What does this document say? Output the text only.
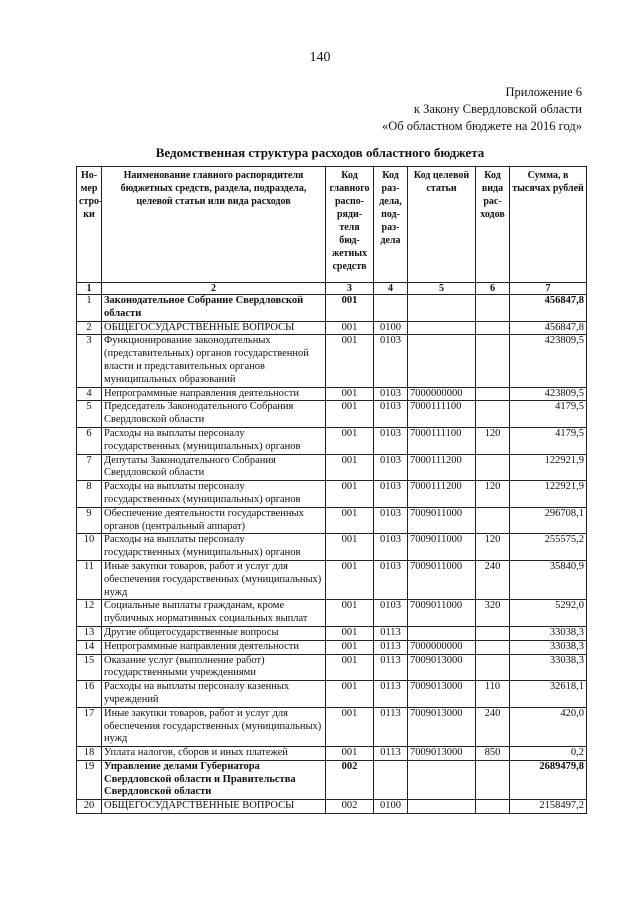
140
Приложение 6
к Закону Свердловской области
«Об областном бюджете на 2016 год»
Ведомственная структура расходов областного бюджета
Но-мер стро-ки	Наименование главного распорядителя бюджетных средств, раздела, подраздела, целевой статьи или вида расходов	Код главного распо-ряди-теля бюд-жетных средств	Код раз-дела, под-раз-дела	Код целевой статьи	Код вида рас-ходов	Сумма, в тысячах рублей
1	2	3	4	5	6	7
1	Законодательное Собрание Свердловской области	001				456847,8
2	ОБЩЕГОСУДАРСТВЕННЫЕ ВОПРОСЫ	001	0100			456847,8
3	Функционирование законодательных (представительных) органов государственной власти и представительных органов муниципальных образований	001	0103			423809,5
4	Непрограммные направления деятельности	001	0103	7000000000		423809,5
5	Председатель Законодательного Собрания Свердловской области	001	0103	7000111100		4179,5
6	Расходы на выплаты персоналу государственных (муниципальных) органов	001	0103	7000111100	120	4179,5
7	Депутаты Законодательного Собрания Свердловской области	001	0103	7000111200		122921,9
8	Расходы на выплаты персоналу государственных (муниципальных) органов	001	0103	7000111200	120	122921,9
9	Обеспечение деятельности государственных органов (центральный аппарат)	001	0103	7009011000		296708,1
10	Расходы на выплаты персоналу государственных (муниципальных) органов	001	0103	7009011000	120	255575,2
11	Иные закупки товаров, работ и услуг для обеспечения государственных (муниципальных) нужд	001	0103	7009011000	240	35840,9
12	Социальные выплаты гражданам, кроме публичных нормативных социальных выплат	001	0103	7009011000	320	5292,0
13	Другие общегосударственные вопросы	001	0113			33038,3
14	Непрограммные направления деятельности	001	0113	7000000000		33038,3
15	Оказание услуг (выполнение работ) государственными учреждениями	001	0113	7009013000		33038,3
16	Расходы на выплаты персоналу казенных учреждений	001	0113	7009013000	110	32618,1
17	Иные закупки товаров, работ и услуг для обеспечения государственных (муниципальных) нужд	001	0113	7009013000	240	420,0
18	Уплата налогов, сборов и иных платежей	001	0113	7009013000	850	0,2
19	Управление делами Губернатора Свердловской области и Правительства Свердловской области	002				2689479,8
20	ОБЩЕГОСУДАРСТВЕННЫЕ ВОПРОСЫ	002	0100			2158497,2
